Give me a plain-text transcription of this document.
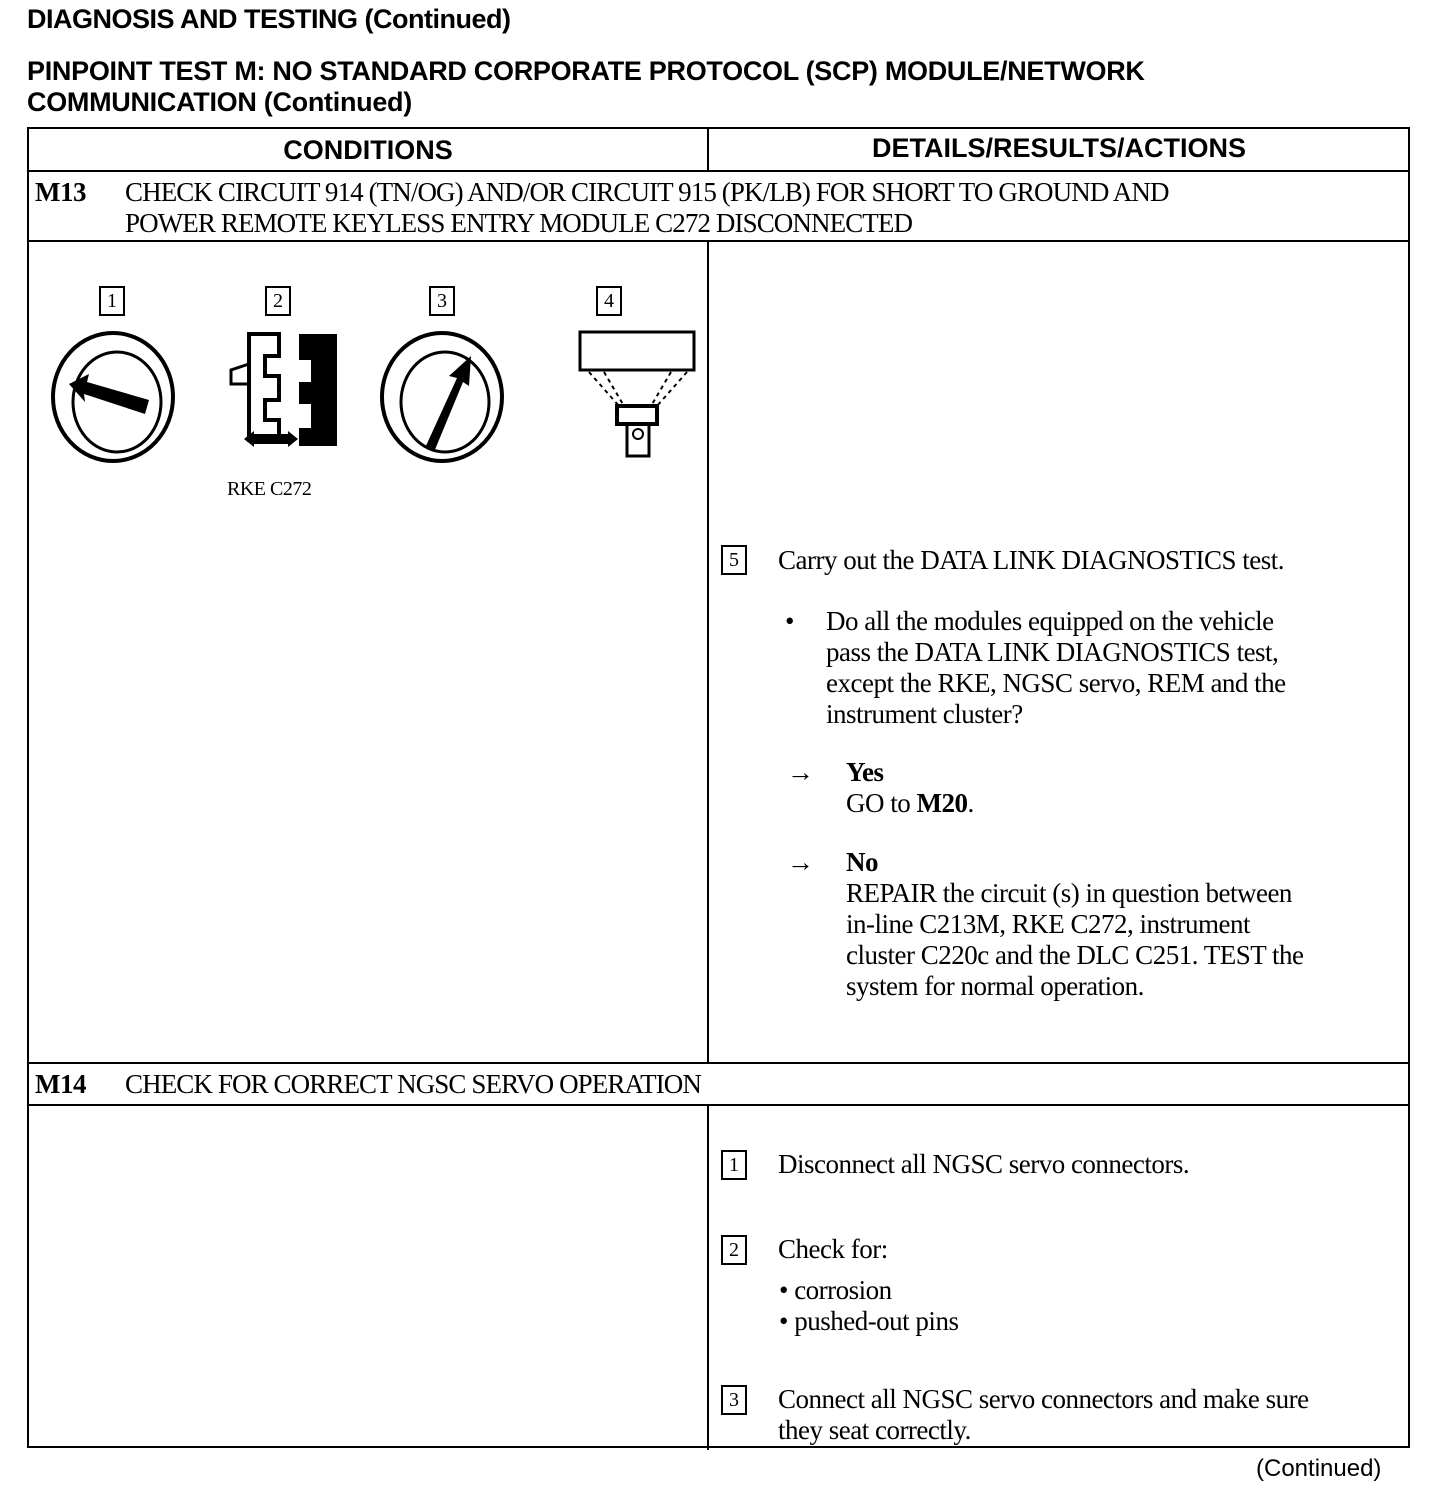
DIAGNOSIS AND TESTING (Continued)
PINPOINT TEST M: NO STANDARD CORPORATE PROTOCOL (SCP) MODULE/NETWORK
COMMUNICATION (Continued)
CONDITIONS	DETAILS/RESULTS/ACTIONS
M13 CHECK CIRCUIT 914 (TN/OG) AND/OR CIRCUIT 915 (PK/LB) FOR SHORT TO GROUND AND
POWER REMOTE KEYLESS ENTRY MODULE C272 DISCONNECTED
1	2	3	4
RKE C272
5 Carry out the DATA LINK DIAGNOSTICS test.
• Do all the modules equipped on the vehicle
pass the DATA LINK DIAGNOSTICS test,
except the RKE, NGSC servo, REM and the
instrument cluster?
→ Yes
GO to M20.
→ No
REPAIR the circuit (s) in question between
in-line C213M, RKE C272, instrument
cluster C220c and the DLC C251. TEST the
system for normal operation.
M14 CHECK FOR CORRECT NGSC SERVO OPERATION
1 Disconnect all NGSC servo connectors.
2 Check for:
• corrosion
• pushed-out pins
3 Connect all NGSC servo connectors and make sure
they seat correctly.
(Continued)
